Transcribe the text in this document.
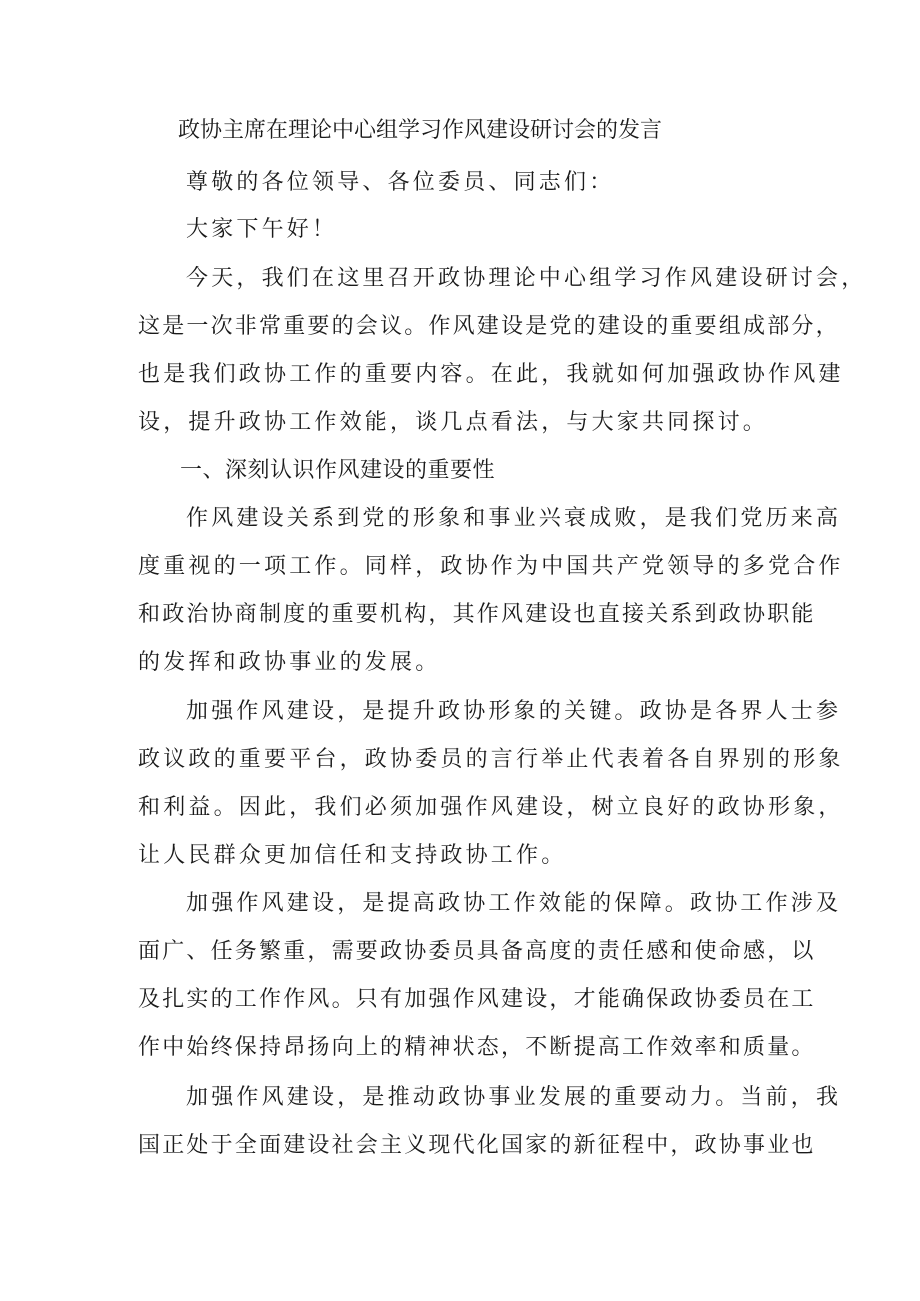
政协主席在理论中心组学习作风建设研讨会的发言
尊敬的各位领导、各位委员、同志们：
大家下午好！
今天，我们在这里召开政协理论中心组学习作风建设研讨会，
这是一次非常重要的会议。作风建设是党的建设的重要组成部分，
也是我们政协工作的重要内容。在此，我就如何加强政协作风建
设，提升政协工作效能，谈几点看法，与大家共同探讨。
一、深刻认识作风建设的重要性
作风建设关系到党的形象和事业兴衰成败，是我们党历来高
度重视的一项工作。同样，政协作为中国共产党领导的多党合作
和政治协商制度的重要机构，其作风建设也直接关系到政协职能
的发挥和政协事业的发展。
加强作风建设，是提升政协形象的关键。政协是各界人士参
政议政的重要平台，政协委员的言行举止代表着各自界别的形象
和利益。因此，我们必须加强作风建设，树立良好的政协形象，
让人民群众更加信任和支持政协工作。
加强作风建设，是提高政协工作效能的保障。政协工作涉及
面广、任务繁重，需要政协委员具备高度的责任感和使命感，以
及扎实的工作作风。只有加强作风建设，才能确保政协委员在工
作中始终保持昂扬向上的精神状态，不断提高工作效率和质量。
加强作风建设，是推动政协事业发展的重要动力。当前，我
国正处于全面建设社会主义现代化国家的新征程中，政协事业也
